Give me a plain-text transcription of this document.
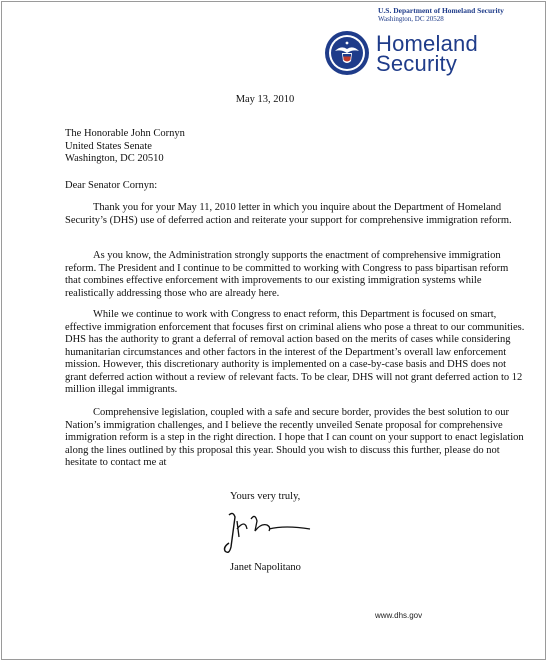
U.S. Department of Homeland Security
Washington, DC 20528
Homeland
Security
May 13, 2010
The Honorable John Cornyn
United States Senate
Washington, DC 20510
Dear Senator Cornyn:

Thank you for your May 11, 2010 letter in which you inquire about the Department of Homeland Security’s (DHS) use of deferred action and reiterate your support for comprehensive immigration reform.

As you know, the Administration strongly supports the enactment of comprehensive immigration reform. The President and I continue to be committed to working with Congress to pass bipartisan reform that combines effective enforcement with improvements to our existing immigration systems while realistically addressing those who are already here.

While we continue to work with Congress to enact reform, this Department is focused on smart, effective immigration enforcement that focuses first on criminal aliens who pose a threat to our communities. DHS has the authority to grant a deferral of removal action based on the merits of cases while considering humanitarian circumstances and other factors in the interest of the Department’s overall law enforcement mission. However, this discretionary authority is implemented on a case-by-case basis and DHS does not grant deferred action without a review of relevant facts. To be clear, DHS will not grant deferred action to 12 million illegal immigrants.

Comprehensive legislation, coupled with a safe and secure border, provides the best solution to our Nation’s immigration challenges, and I believe the recently unveiled Senate proposal for comprehensive immigration reform is a step in the right direction. I hope that I can count on your support to enact legislation along the lines outlined by this proposal this year. Should you wish to discuss this further, please do not hesitate to contact me at

Yours very truly,
Janet Napolitano
www.dhs.gov
